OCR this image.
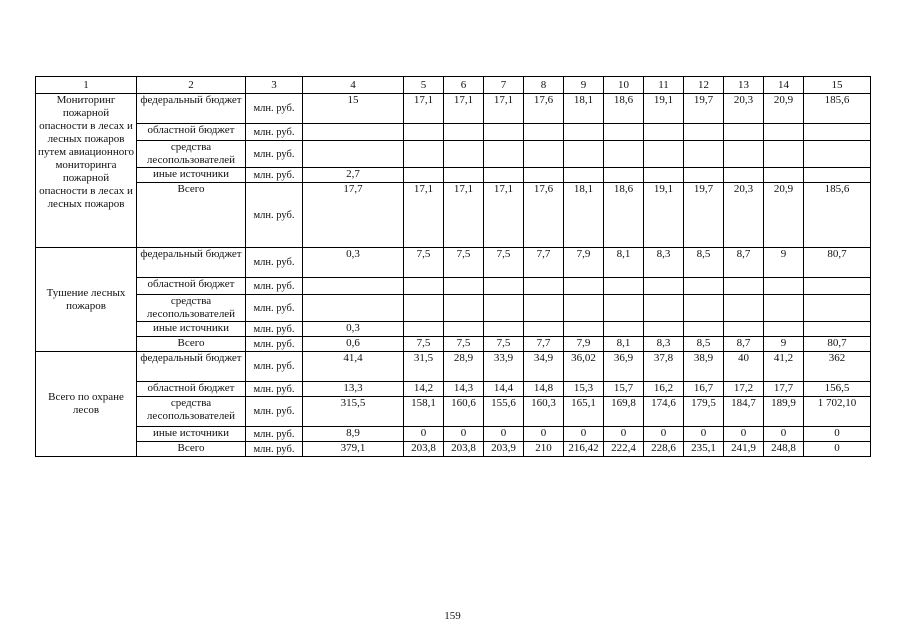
1	2	3	4	5	6	7	8	9	10	11	12	13	14	15
Мониторинг пожарной опасности в лесах и лесных пожаров путем авиационного мониторинга пожарной опасности в лесах и лесных пожаров	федеральный бюджет	млн. руб.	15	17,1	17,1	17,1	17,6	18,1	18,6	19,1	19,7	20,3	20,9	185,6
	областной бюджет	млн. руб.												
	средства лесопользователей	млн. руб.												
	иные источники	млн. руб.	2,7											
	Всего	млн. руб.	17,7	17,1	17,1	17,1	17,6	18,1	18,6	19,1	19,7	20,3	20,9	185,6
Тушение лесных пожаров	федеральный бюджет	млн. руб.	0,3	7,5	7,5	7,5	7,7	7,9	8,1	8,3	8,5	8,7	9	80,7
	областной бюджет	млн. руб.												
	средства лесопользователей	млн. руб.												
	иные источники	млн. руб.	0,3											
	Всего	млн. руб.	0,6	7,5	7,5	7,5	7,7	7,9	8,1	8,3	8,5	8,7	9	80,7
Всего по охране лесов	федеральный бюджет	млн. руб.	41,4	31,5	28,9	33,9	34,9	36,02	36,9	37,8	38,9	40	41,2	362
	областной бюджет	млн. руб.	13,3	14,2	14,3	14,4	14,8	15,3	15,7	16,2	16,7	17,2	17,7	156,5
	средства лесопользователей	млн. руб.	315,5	158,1	160,6	155,6	160,3	165,1	169,8	174,6	179,5	184,7	189,9	1 702,10
	иные источники	млн. руб.	8,9	0	0	0	0	0	0	0	0	0	0	0
	Всего	млн. руб.	379,1	203,8	203,8	203,9	210	216,42	222,4	228,6	235,1	241,9	248,8	0
159
